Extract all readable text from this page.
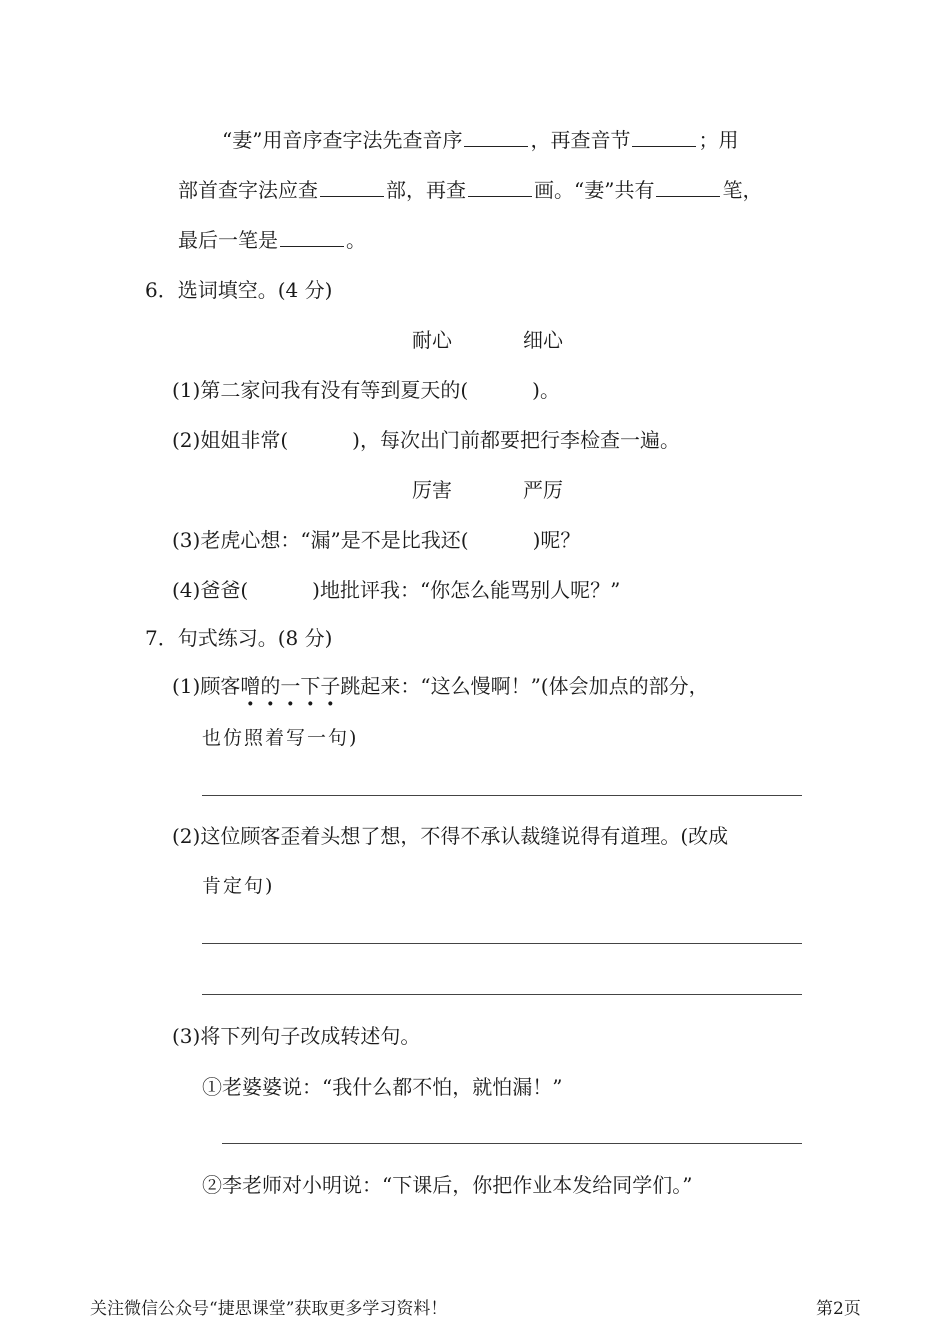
“妻”用音序查字法先查音序	，再查音节	；用
部首查字法应查	部，再查	画。“妻”共有	笔，
最后一笔是	。
6．选词填空。(4 分)
耐心	细心
(1)第二家问我有没有等到夏天的(	)。
(2)姐姐非常(	)，每次出门前都要把行李检查一遍。
厉害	严厉
(3)老虎心想：“漏”是不是比我还(	)呢？
(4)爸爸(	)地批评我：“你怎么能骂别人呢？”
7．句式练习。(8 分)
(1)顾客噌的一下子跳起来：“这么慢啊！”(体会加点的部分，
也仿照着写一句)
(2)这位顾客歪着头想了想，不得不承认裁缝说得有道理。(改成
肯定句)
(3)将下列句子改成转述句。
①老婆婆说：“我什么都不怕，就怕漏！”
②李老师对小明说：“下课后，你把作业本发给同学们。”
关注微信公众号“捷思课堂”获取更多学习资料！	第2页
